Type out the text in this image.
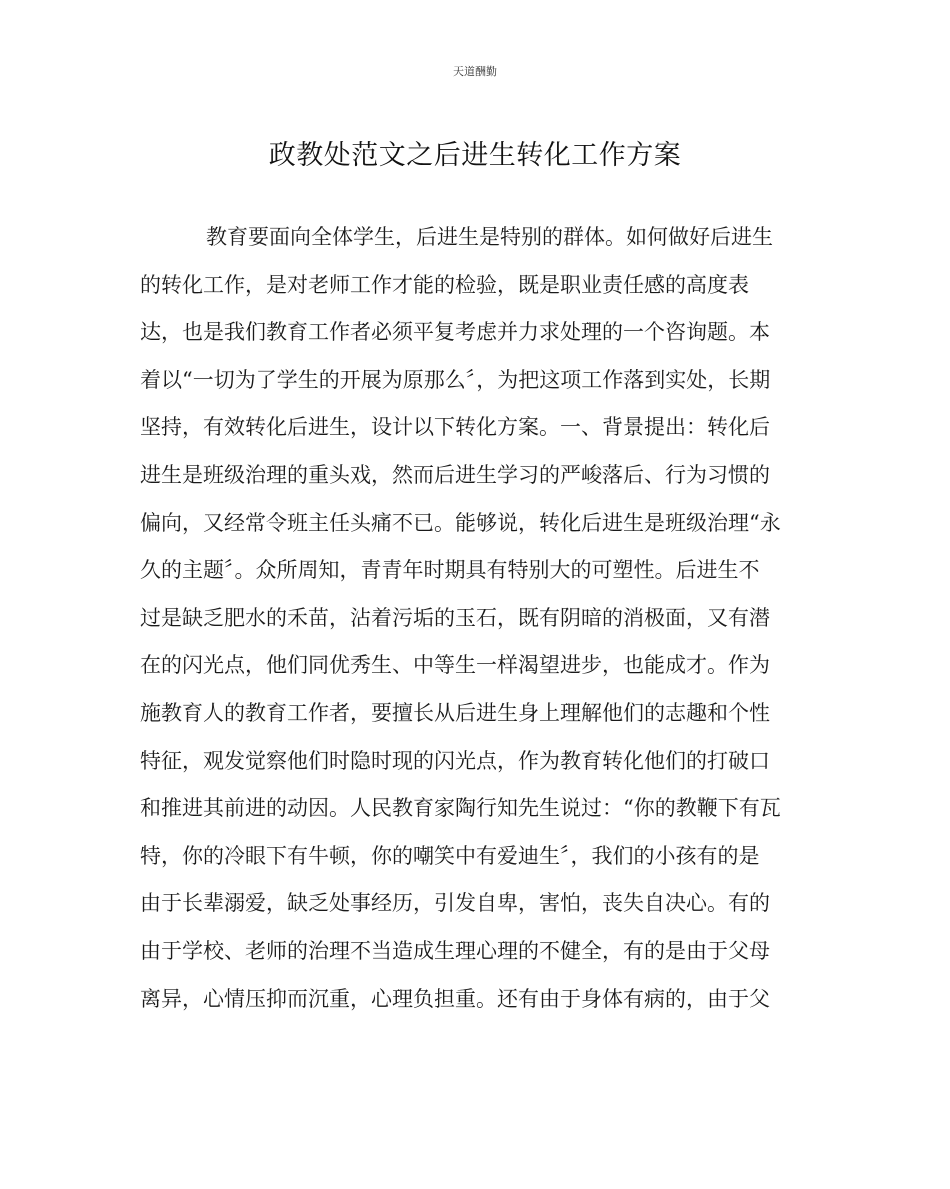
天道酬勤
政教处范文之后进生转化工作方案
教育要面向全体学生，后进生是特别的群体。如何做好后进生
的转化工作，是对老师工作才能的检验，既是职业责任感的高度表
达，也是我们教育工作者必须平复考虑并力求处理的一个咨询题。本
着以“一切为了学生的开展为原那么〞，为把这项工作落到实处，长期
坚持，有效转化后进生，设计以下转化方案。一、背景提出：转化后
进生是班级治理的重头戏，然而后进生学习的严峻落后、行为习惯的
偏向，又经常令班主任头痛不已。能够说，转化后进生是班级治理“永
久的主题〞。众所周知，青青年时期具有特别大的可塑性。后进生不
过是缺乏肥水的禾苗，沾着污垢的玉石，既有阴暗的消极面，又有潜
在的闪光点，他们同优秀生、中等生一样渴望进步，也能成才。作为
施教育人的教育工作者，要擅长从后进生身上理解他们的志趣和个性
特征，观发觉察他们时隐时现的闪光点，作为教育转化他们的打破口
和推进其前进的动因。人民教育家陶行知先生说过：“你的教鞭下有瓦
特，你的冷眼下有牛顿，你的嘲笑中有爱迪生〞，我们的小孩有的是
由于长辈溺爱，缺乏处事经历，引发自卑，害怕，丧失自决心。有的
由于学校、老师的治理不当造成生理心理的不健全，有的是由于父母
离异，心情压抑而沉重，心理负担重。还有由于身体有病的，由于父
